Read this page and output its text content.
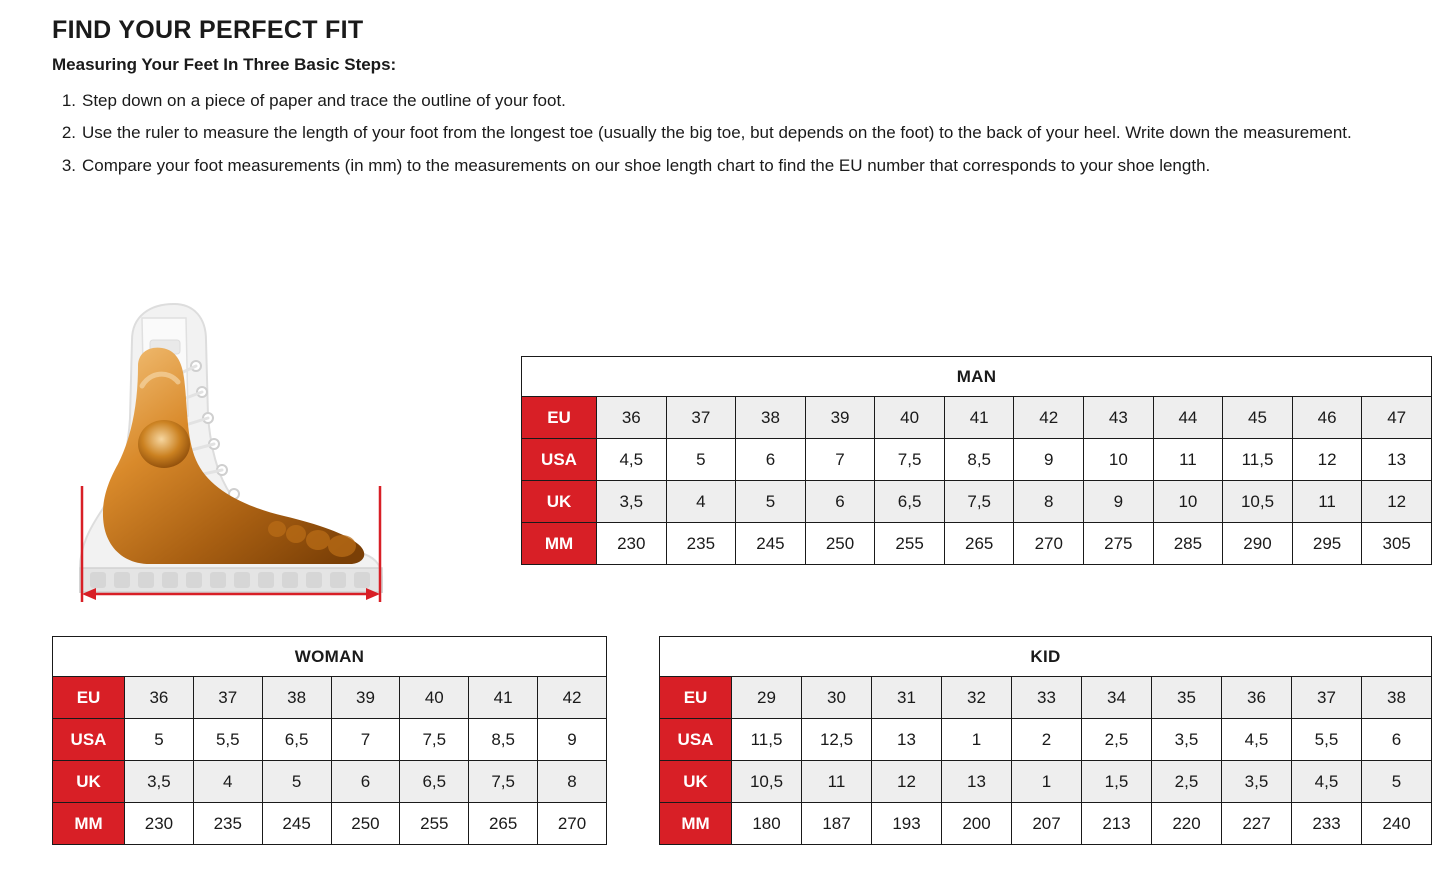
FIND YOUR PERFECT FIT
Measuring Your Feet In Three Basic Steps:
1. Step down on a piece of paper and trace the outline of your foot.
2. Use the ruler to measure the length of your foot from the longest toe (usually the big toe, but depends on the foot) to the back of your heel. Write down the measurement.
3. Compare your foot measurements (in mm) to the measurements on our shoe length chart to find the EU number that corresponds to your shoe length.
MAN												
EU	36	37	38	39	40	41	42	43	44	45	46	47
USA	4,5	5	6	7	7,5	8,5	9	10	11	11,5	12	13
UK	3,5	4	5	6	6,5	7,5	8	9	10	10,5	11	12
MM	230	235	245	250	255	265	270	275	285	290	295	305
WOMAN							
EU	36	37	38	39	40	41	42
USA	5	5,5	6,5	7	7,5	8,5	9
UK	3,5	4	5	6	6,5	7,5	8
MM	230	235	245	250	255	265	270
KID										
EU	29	30	31	32	33	34	35	36	37	38
USA	11,5	12,5	13	1	2	2,5	3,5	4,5	5,5	6
UK	10,5	11	12	13	1	1,5	2,5	3,5	4,5	5
MM	180	187	193	200	207	213	220	227	233	240
